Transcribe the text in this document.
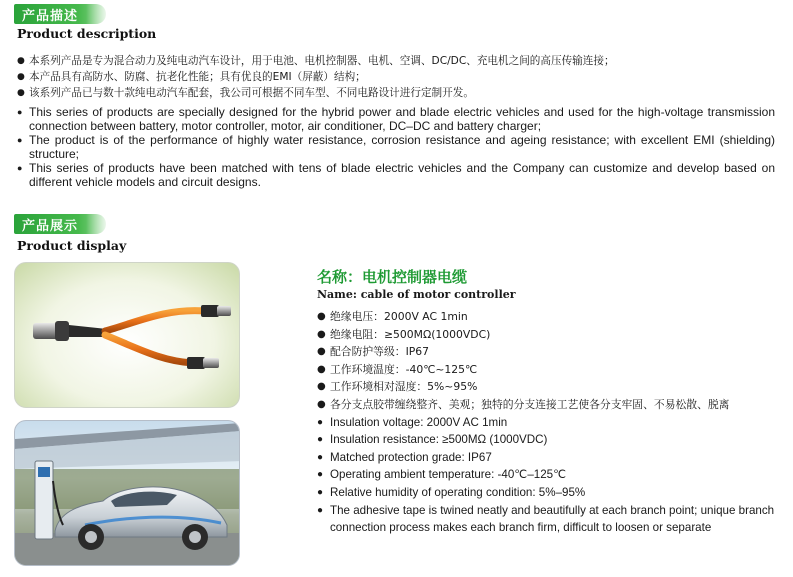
产品描述
Product description
● 本系列产品是专为混合动力及纯电动汽车设计，用于电池、电机控制器、电机、空调、DC/DC、充电机之间的高压传输连接；
● 本产品具有高防水、防腐、抗老化性能；具有优良的EMI（屏蔽）结构；
● 该系列产品已与数十款纯电动汽车配套，我公司可根据不同车型、不同电路设计进行定制开发。
● This series of products are specially designed for the hybrid power and blade electric vehicles and used for the high-voltage transmission connection between battery, motor controller, motor, air conditioner, DC–DC and battery charger;
● The product is of the performance of highly water resistance, corrosion resistance and ageing resistance; with excellent EMI (shielding) structure;
● This series of products have been matched with tens of blade electric vehicles and the Company can customize and develop based on different vehicle models and circuit designs.
产品展示
Product display
名称：电机控制器电缆
Name: cable of motor controller
● 绝缘电压：2000V AC 1min
● 绝缘电阻：≥500MΩ(1000VDC)
● 配合防护等级：IP67
● 工作环境温度：-40℃~125℃
● 工作环境相对湿度：5%~95%
● 各分支点胶带缠绕整齐、美观；独特的分支连接工艺使各分支牢固、不易松散、脱离
● Insulation voltage: 2000V AC 1min
● Insulation resistance: ≥500MΩ (1000VDC)
● Matched protection grade: IP67
● Operating ambient temperature: -40℃–125℃
● Relative humidity of operating condition: 5%–95%
● The adhesive tape is twined neatly and beautifully at each branch point; unique branch connection process makes each branch firm, difficult to loosen or separate
